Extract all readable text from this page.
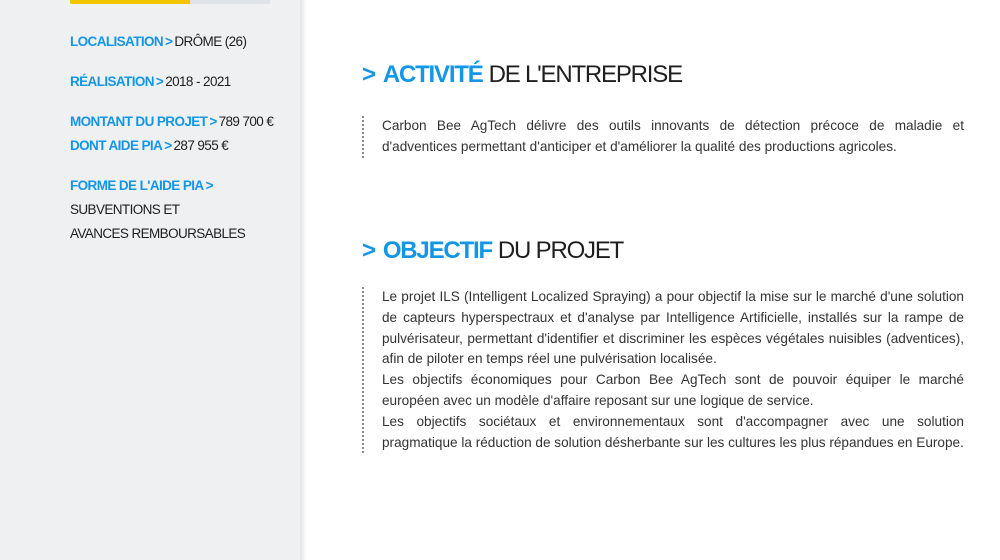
LOCALISATION > DRÔME (26)
RÉALISATION > 2018 - 2021
MONTANT DU PROJET > 789 700 €
DONT AIDE PIA > 287 955 €
FORME DE L'AIDE PIA >
SUBVENTIONS ET
AVANCES REMBOURSABLES
> ACTIVITÉ DE L'ENTREPRISE

Carbon Bee AgTech délivre des outils innovants de détection précoce de maladie et d'adventices permettant d'anticiper et d'améliorer la qualité des productions agricoles.

> OBJECTIF DU PROJET

Le projet ILS (Intelligent Localized Spraying) a pour objectif la mise sur le marché d'une solution de capteurs hyperspectraux et d'analyse par Intelligence Artificielle, installés sur la rampe de pulvérisateur, permettant d'identifier et discriminer les espèces végétales nuisibles (adventices), afin de piloter en temps réel une pulvérisation localisée.

Les objectifs économiques pour Carbon Bee AgTech sont de pouvoir équiper le marché européen avec un modèle d'affaire reposant sur une logique de service.

Les objectifs sociétaux et environnementaux sont d'accompagner avec une solution pragmatique la réduction de solution désherbante sur les cultures les plus répandues en Europe.
